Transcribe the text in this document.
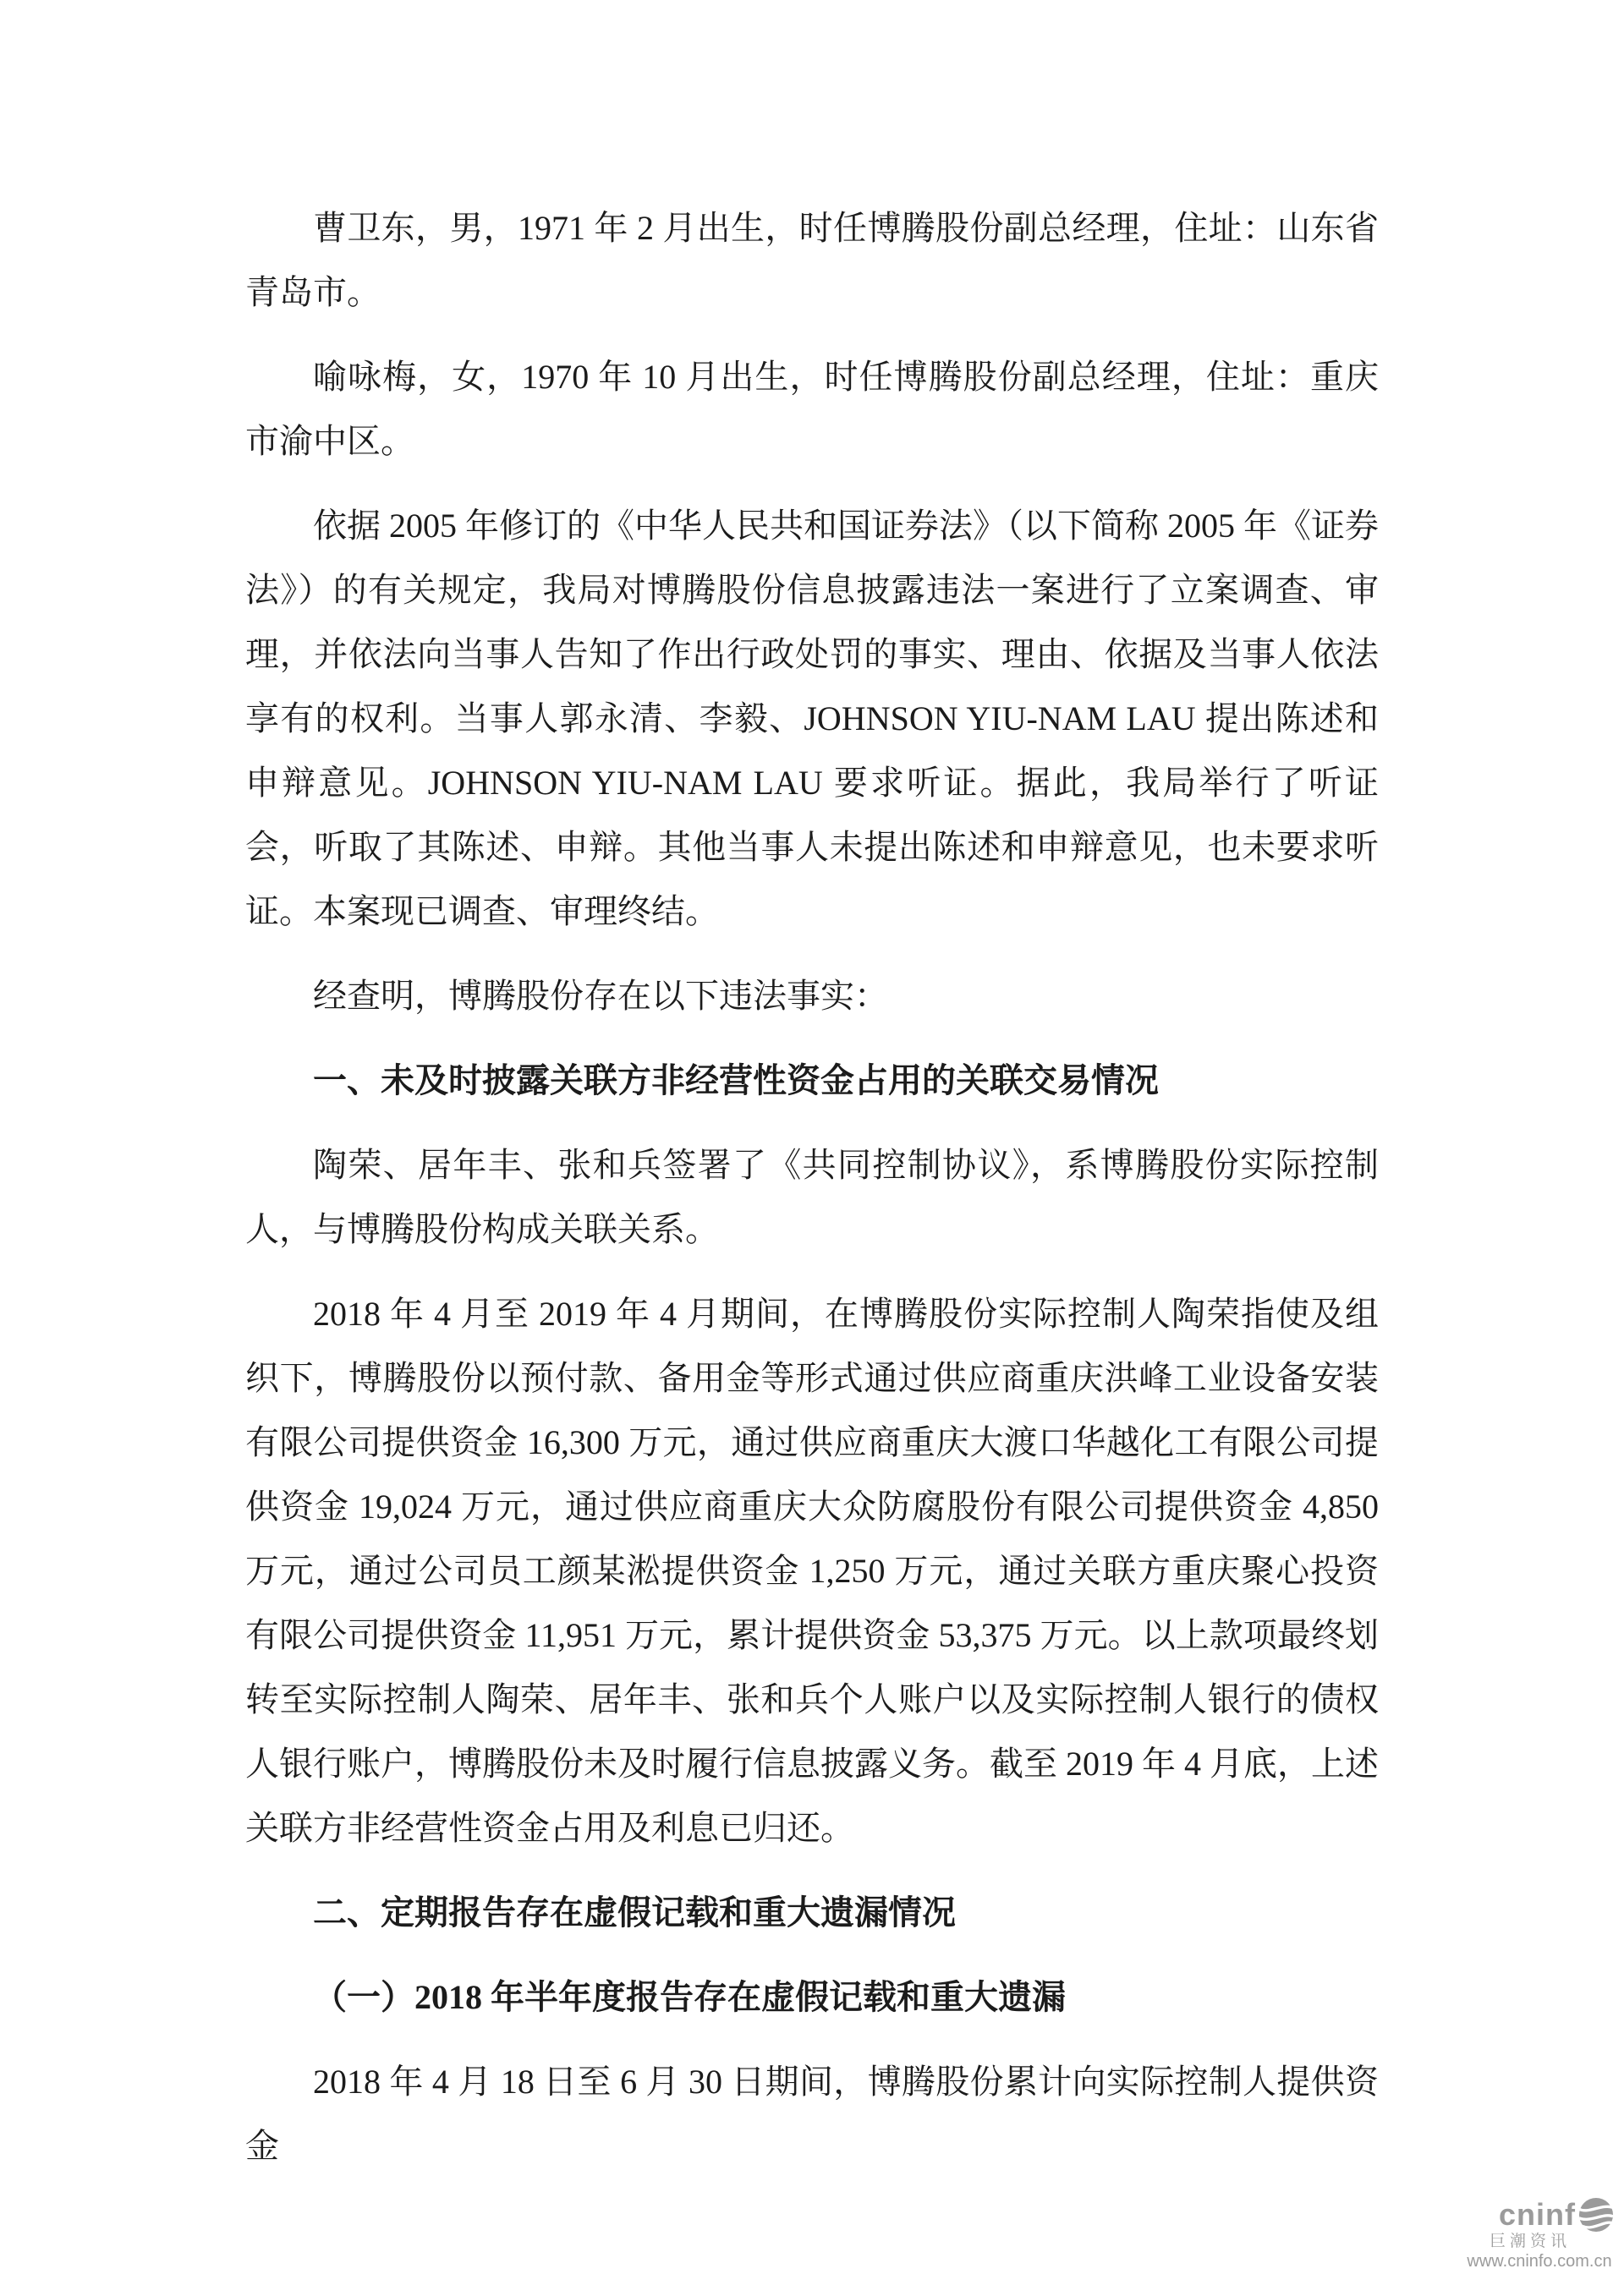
曹卫东，男，1971 年 2 月出生，时任博腾股份副总经理，住址：山东省青岛市。

喻咏梅，女，1970 年 10 月出生，时任博腾股份副总经理，住址：重庆市渝中区。

依据 2005 年修订的《中华人民共和国证券法》（以下简称 2005 年《证券法》）的有关规定，我局对博腾股份信息披露违法一案进行了立案调查、审理，并依法向当事人告知了作出行政处罚的事实、理由、依据及当事人依法享有的权利。当事人郭永清、李毅、JOHNSON YIU-NAM LAU 提出陈述和申辩意见。JOHNSON YIU-NAM LAU 要求听证。据此，我局举行了听证会，听取了其陈述、申辩。其他当事人未提出陈述和申辩意见，也未要求听证。本案现已调查、审理终结。

经查明，博腾股份存在以下违法事实：

一、未及时披露关联方非经营性资金占用的关联交易情况

陶荣、居年丰、张和兵签署了《共同控制协议》，系博腾股份实际控制人，与博腾股份构成关联关系。

2018 年 4 月至 2019 年 4 月期间，在博腾股份实际控制人陶荣指使及组织下，博腾股份以预付款、备用金等形式通过供应商重庆洪峰工业设备安装有限公司提供资金 16,300 万元，通过供应商重庆大渡口华越化工有限公司提供资金 19,024 万元，通过供应商重庆大众防腐股份有限公司提供资金 4,850 万元，通过公司员工颜某淞提供资金 1,250 万元，通过关联方重庆聚心投资有限公司提供资金 11,951 万元，累计提供资金 53,375 万元。以上款项最终划转至实际控制人陶荣、居年丰、张和兵个人账户以及实际控制人银行的债权人银行账户，博腾股份未及时履行信息披露义务。截至 2019 年 4 月底，上述关联方非经营性资金占用及利息已归还。

二、定期报告存在虚假记载和重大遗漏情况

（一）2018 年半年度报告存在虚假记载和重大遗漏

2018 年 4 月 18 日至 6 月 30 日期间，博腾股份累计向实际控制人提供资金

cninf
巨潮资讯
www.cninfo.com.cn
